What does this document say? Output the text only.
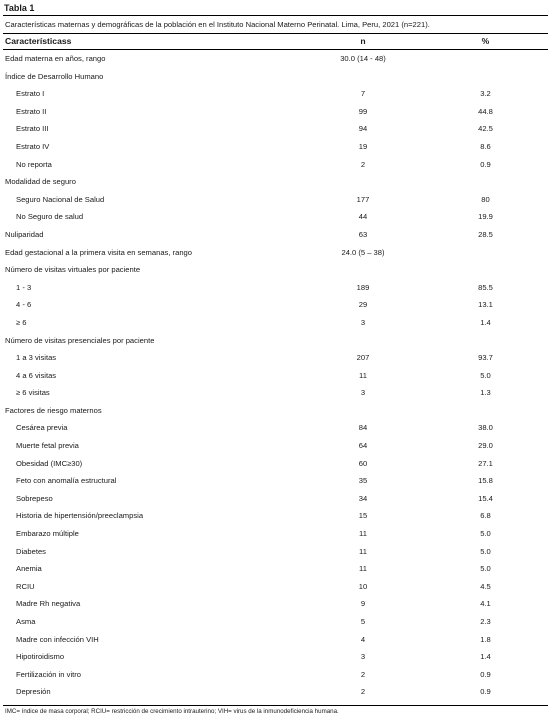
Tabla 1
Características maternas y demográficas de la población en el Instituto Nacional Materno Perinatal. Lima, Peru, 2021 (n=221).
Característicass	n	%
Edad materna en años, rango	30.0 (14 - 48)
Índice de Desarrollo Humano
Estrato I	7	3.2
Estrato II	99	44.8
Estrato III	94	42.5
Estrato IV	19	8.6
No reporta	2	0.9
Modalidad de seguro
Seguro Nacional de Salud	177	80
No Seguro de salud	44	19.9
Nuliparidad	63	28.5
Edad gestacional a la primera visita en semanas, rango	24.0 (5 – 38)
Número de visitas virtuales por paciente
1 - 3	189	85.5
4 - 6	29	13.1
≥ 6	3	1.4
Número de visitas presenciales por paciente
1 a 3 visitas	207	93.7
4 a 6 visitas	11	5.0
≥ 6 visitas	3	1.3
Factores de riesgo maternos
Cesárea previa	84	38.0
Muerte fetal previa	64	29.0
Obesidad (IMC≥30)	60	27.1
Feto con anomalía estructural	35	15.8
Sobrepeso	34	15.4
Historia de hipertensión/preeclampsia	15	6.8
Embarazo múltiple	11	5.0
Diabetes	11	5.0
Anemia	11	5.0
RCIU	10	4.5
Madre Rh negativa	9	4.1
Asma	5	2.3
Madre con infección VIH	4	1.8
Hipotiroidismo	3	1.4
Fertilización in vitro	2	0.9
Depresión	2	0.9
IMC= índice de masa corporal; RCIU= restricción de crecimiento intrauterino; VIH= virus de la inmunodeficiencia humana.
